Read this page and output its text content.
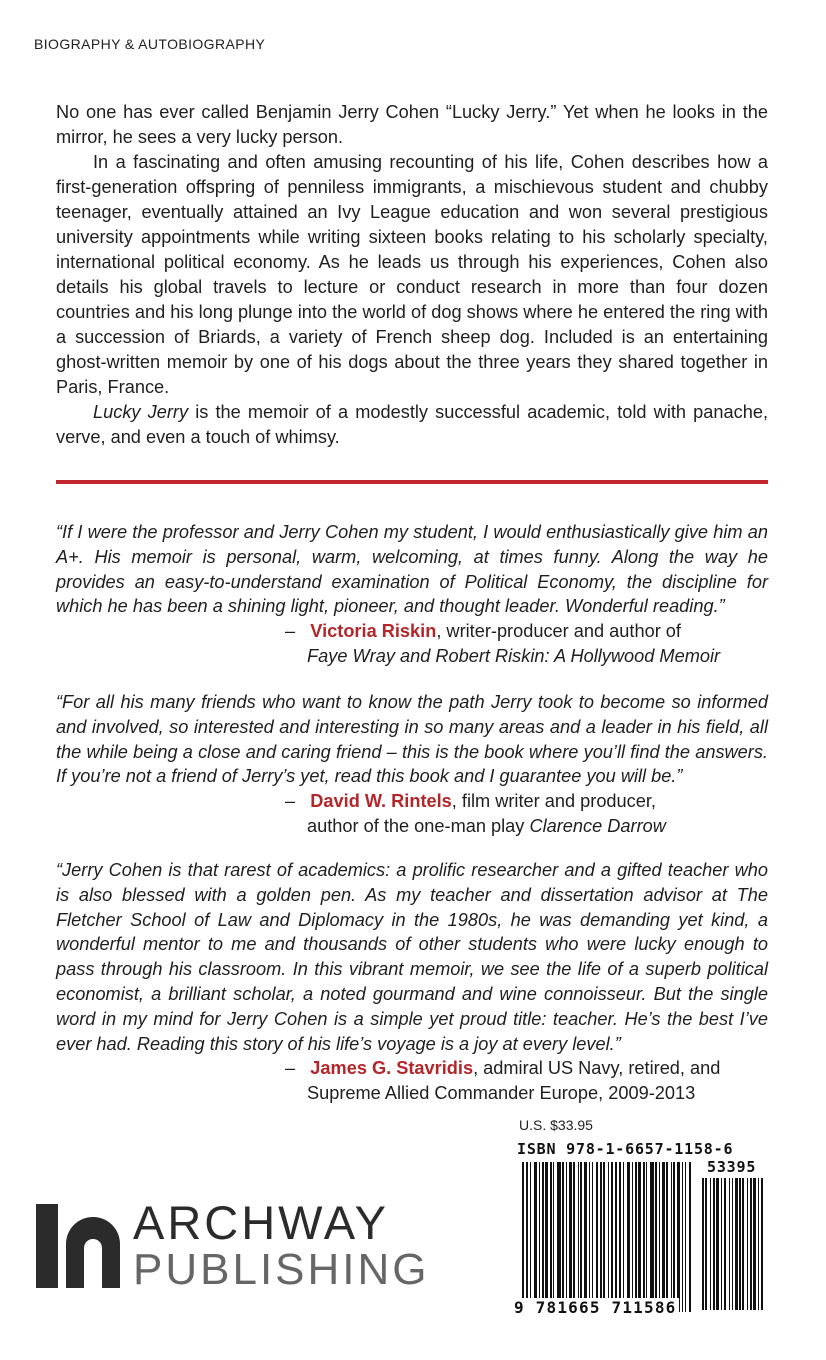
BIOGRAPHY & AUTOBIOGRAPHY

No one has ever called Benjamin Jerry Cohen “Lucky Jerry.” Yet when he looks in the mirror, he sees a very lucky person.

In a fascinating and often amusing recounting of his life, Cohen describes how a first-generation offspring of penniless immigrants, a mischievous student and chubby teenager, eventually attained an Ivy League education and won several prestigious university appointments while writing sixteen books relating to his scholarly specialty, international political economy. As he leads us through his experiences, Cohen also details his global travels to lecture or conduct research in more than four dozen countries and his long plunge into the world of dog shows where he entered the ring with a succession of Briards, a variety of French sheep dog. Included is an entertaining ghost-written memoir by one of his dogs about the three years they shared together in Paris, France.

Lucky Jerry is the memoir of a modestly successful academic, told with panache, verve, and even a touch of whimsy.

“If I were the professor and Jerry Cohen my student, I would enthusiastically give him an A+. His memoir is personal, warm, welcoming, at times funny. Along the way he provides an easy-to-understand examination of Political Economy, the discipline for which he has been a shining light, pioneer, and thought leader. Wonderful reading.”
– Victoria Riskin, writer-producer and author of
Faye Wray and Robert Riskin: A Hollywood Memoir
“For all his many friends who want to know the path Jerry took to become so informed and involved, so interested and interesting in so many areas and a leader in his field, all the while being a close and caring friend – this is the book where you’ll find the answers. If you’re not a friend of Jerry’s yet, read this book and I guarantee you will be.”
– David W. Rintels, film writer and producer,
author of the one-man play Clarence Darrow
“Jerry Cohen is that rarest of academics: a prolific researcher and a gifted teacher who is also blessed with a golden pen. As my teacher and dissertation advisor at The Fletcher School of Law and Diplomacy in the 1980s, he was demanding yet kind, a wonderful mentor to me and thousands of other students who were lucky enough to pass through his classroom. In this vibrant memoir, we see the life of a superb political economist, a brilliant scholar, a noted gourmand and wine connoisseur. But the single word in my mind for Jerry Cohen is a simple yet proud title: teacher. He’s the best I’ve ever had. Reading this story of his life’s voyage is a joy at every level.”
– James G. Stavridis, admiral US Navy, retired, and
Supreme Allied Commander Europe, 2009-2013
ARCHWAY
PUBLISHING
U.S. $33.95
ISBN 978-1-6657-1158-6
53395
9 781665 711586
